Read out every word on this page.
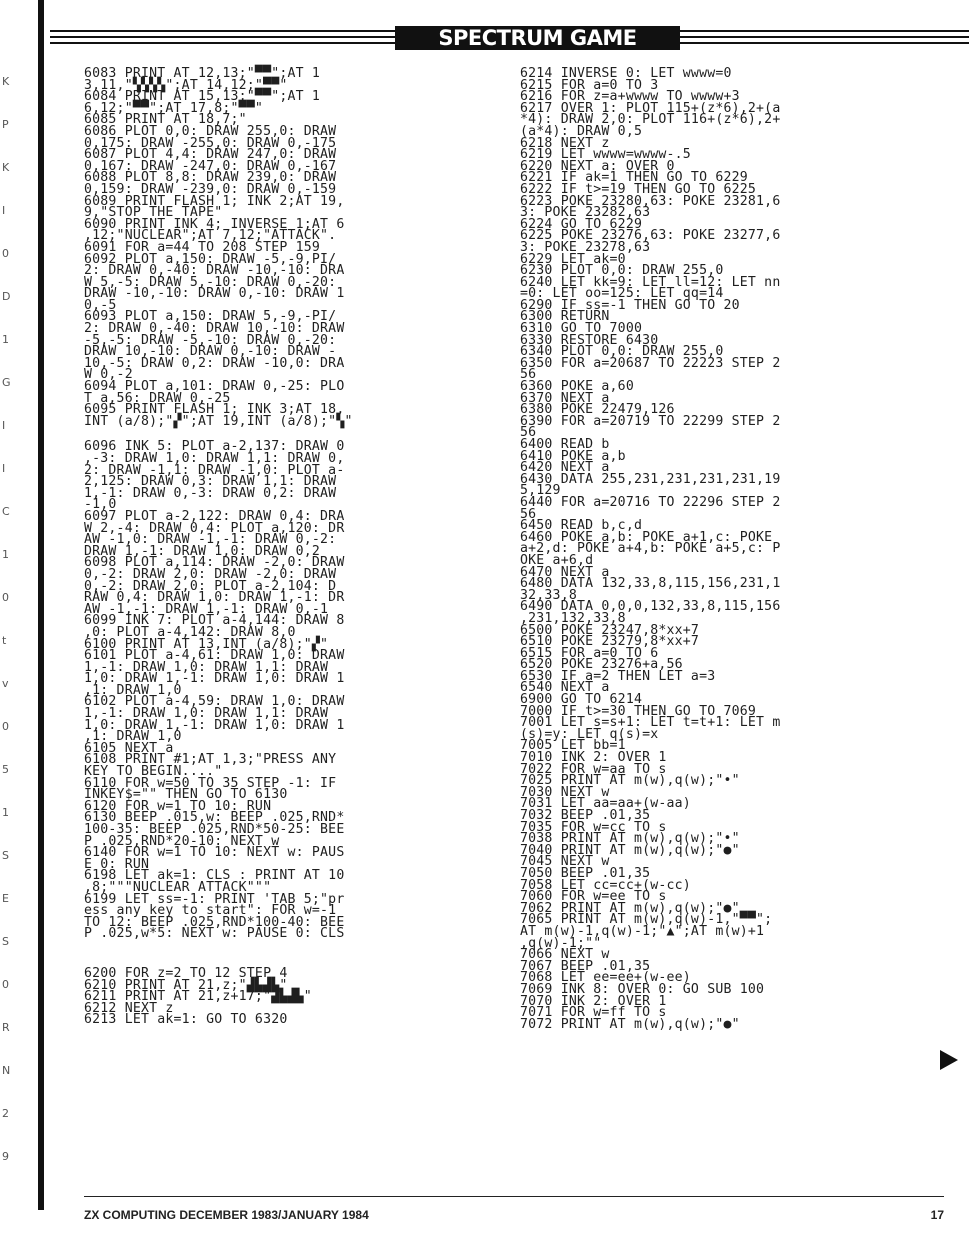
K
P
K
I
0
D
1
G
I
I
C
1
0
t
v
0
5
1
S
E
S
0
R
N
2
9
SPECTRUM GAME
6083 PRINT AT 12,13;"▀▀";AT 1
3,11,"▚▚▚▚";AT 14,12;"▀▀"
6084 PRINT AT 15,13;"▀▀";AT 1
6,12;"▀▀";AT 17,8;"▀▀"
6085 PRINT AT 18,7;"
6086 PLOT 0,0: DRAW 255,0: DRAW
0,175: DRAW -255,0: DRAW 0,-175
6087 PLOT 4,4: DRAW 247,0: DRAW
0,167: DRAW -247,0: DRAW 0,-167
6088 PLOT 8,8: DRAW 239,0: DRAW
0,159: DRAW -239,0: DRAW 0,-159
6089 PRINT FLASH 1; INK 2;AT 19,
9,"STOP THE TAPE"
6090 PRINT INK 4; INVERSE 1;AT 6
,12;"NUCLEAR";AT 7,12;"ATTACK".
6091 FOR a=44 TO 208 STEP 159
6092 PLOT a,150: DRAW -5,-9,PI/
2: DRAW 0,-40: DRAW -10,-10: DRA
W 5,-5: DRAW 5,-10: DRAW 0,-20:
DRAW -10,-10: DRAW 0,-10: DRAW 1
0,-5
6093 PLOT a,150: DRAW 5,-9,-PI/
2: DRAW 0,-40: DRAW 10,-10: DRAW
-5,-5: DRAW -5,-10: DRAW 0,-20:
DRAW 10,-10: DRAW 0,-10: DRAW -
10,-5: DRAW 0,2: DRAW -10,0: DRA
W 0,-2
6094 PLOT a,101: DRAW 0,-25: PLO
T a,56: DRAW 0,-25
6095 PRINT FLASH 1; INK 3;AT 18,
INT (a/8);"▞";AT 19,INT (a/8);"▚"
6096 INK 5: PLOT a-2,137: DRAW 0
,-3: DRAW 1,0: DRAW 1,1: DRAW 0,
2: DRAW -1,1: DRAW -1,0: PLOT a-
2,125: DRAW 0,3: DRAW 1,1: DRAW
1,-1: DRAW 0,-3: DRAW 0,2: DRAW
-1,0
6097 PLOT a-2,122: DRAW 0,4: DRA
W 2,-4: DRAW 0,4: PLOT a,120: DR
AW -1,0: DRAW -1,-1: DRAW 0,-2:
DRAW 1,-1: DRAW 1,0: DRAW 0,2
6098 PLOT a,114: DRAW -2,0: DRAW
0,-2: DRAW 2,0: DRAW -2,0: DRAW
0,-2: DRAW 2,0: PLOT a-2,104: D
RAW 0,4: DRAW 1,0: DRAW 1,-1: DR
AW -1,-1: DRAW 1,-1: DRAW 0,-1
6099 INK 7: PLOT a-4,144: DRAW 8
,0: PLOT a-4,142: DRAW 8,0
6100 PRINT AT 13,INT (a/8);"▞"
6101 PLOT a-4,61: DRAW 1,0: DRAW
1,-1: DRAW 1,0: DRAW 1,1: DRAW
1,0: DRAW 1,-1: DRAW 1,0: DRAW 1
,1: DRAW 1,0
6102 PLOT a-4,59: DRAW 1,0: DRAW
1,-1: DRAW 1,0: DRAW 1,1: DRAW
1,0: DRAW 1,-1: DRAW 1,0: DRAW 1
,1: DRAW 1,0
6105 NEXT a
6108 PRINT #1;AT 1,3;"PRESS ANY
KEY TO BEGIN...."
6110 FOR w=50 TO 35 STEP -1: IF
INKEY$="" THEN GO TO 6130
6120 FOR w=1 TO 10: RUN
6130 BEEP .015,w: BEEP .025,RND*
100-35: BEEP .025,RND*50-25: BEE
P .025,RND*20-10: NEXT w
6140 FOR w=1 TO 10: NEXT w: PAUS
E 0: RUN
6198 LET ak=1: CLS : PRINT AT 10
,8;"""NUCLEAR ATTACK"""
6199 LET ss=-1: PRINT 'TAB 5;"pr
ess any key to start": FOR w=-1
TO 12: BEEP .025,RND*100-40: BEE
P .025,w*5: NEXT w: PAUSE 0: CLS
6200 FOR z=2 TO 12 STEP 4
6210 PRINT AT 21,z;"▟▙▟▙"
6211 PRINT AT 21,z+17;"▟▙▟▙"
6212 NEXT z
6213 LET ak=1: GO TO 6320
6214 INVERSE 0: LET wwww=0
6215 FOR a=0 TO 3
6216 FOR z=a+wwww TO wwww+3
6217 OVER 1: PLOT 115+(z*6),2+(a
*4): DRAW 2,0: PLOT 116+(z*6),2+
(a*4): DRAW 0,5
6218 NEXT z
6219 LET wwww=wwww-.5
6220 NEXT a: OVER 0
6221 IF ak=1 THEN GO TO 6229
6222 IF t>=19 THEN GO TO 6225
6223 POKE 23280,63: POKE 23281,6
3: POKE 23282,63
6224 GO TO 6229
6225 POKE 23276,63: POKE 23277,6
3: POKE 23278,63
6229 LET ak=0
6230 PLOT 0,0: DRAW 255,0
6240 LET kk=9: LET ll=12: LET nn
=0: LET oo=125: LET qq=14
6290 IF ss=-1 THEN GO TO 20
6300 RETURN
6310 GO TO 7000
6330 RESTORE 6430
6340 PLOT 0,0: DRAW 255,0
6350 FOR a=20687 TO 22223 STEP 2
56
6360 POKE a,60
6370 NEXT a
6380 POKE 22479,126
6390 FOR a=20719 TO 22299 STEP 2
56
6400 READ b
6410 POKE a,b
6420 NEXT a
6430 DATA 255,231,231,231,231,19
5,129
6440 FOR a=20716 TO 22296 STEP 2
56
6450 READ b,c,d
6460 POKE a,b: POKE a+1,c: POKE
a+2,d: POKE a+4,b: POKE a+5,c: P
OKE a+6,d
6470 NEXT a
6480 DATA 132,33,8,115,156,231,1
32,33,8
6490 DATA 0,0,0,132,33,8,115,156
,231,132,33,8
6500 POKE 23247,8*xx+7
6510 POKE 23279,8*xx+7
6515 FOR a=0 TO 6
6520 POKE 23276+a,56
6530 IF a=2 THEN LET a=3
6540 NEXT a
6900 GO TO 6214
7000 IF t>=30 THEN GO TO 7069
7001 LET s=s+1: LET t=t+1: LET m
(s)=y: LET q(s)=x
7005 LET bb=1
7010 INK 2: OVER 1
7022 FOR w=aa TO s
7025 PRINT AT m(w),q(w);"•"
7030 NEXT w
7031 LET aa=aa+(w-aa)
7032 BEEP .01,35
7035 FOR w=cc TO s
7038 PRINT AT m(w),q(w);"•"
7040 PRINT AT m(w),q(w);"●"
7045 NEXT w
7050 BEEP .01,35
7058 LET cc=cc+(w-cc)
7060 FOR w=ee TO s
7062 PRINT AT m(w),q(w);"●"
7065 PRINT AT m(w),q(w)-1,"▀▀";
AT m(w)-1,q(w)-1;"▲";AT m(w)+1
,q(w)-1;""
7066 NEXT w
7067 BEEP .01,35
7068 LET ee=ee+(w-ee)
7069 INK 8: OVER 0: GO SUB 100
7070 INK 2: OVER 1
7071 FOR w=ff TO s
7072 PRINT AT m(w),q(w);"●"
ZX COMPUTING DECEMBER 1983/JANUARY 1984	17
